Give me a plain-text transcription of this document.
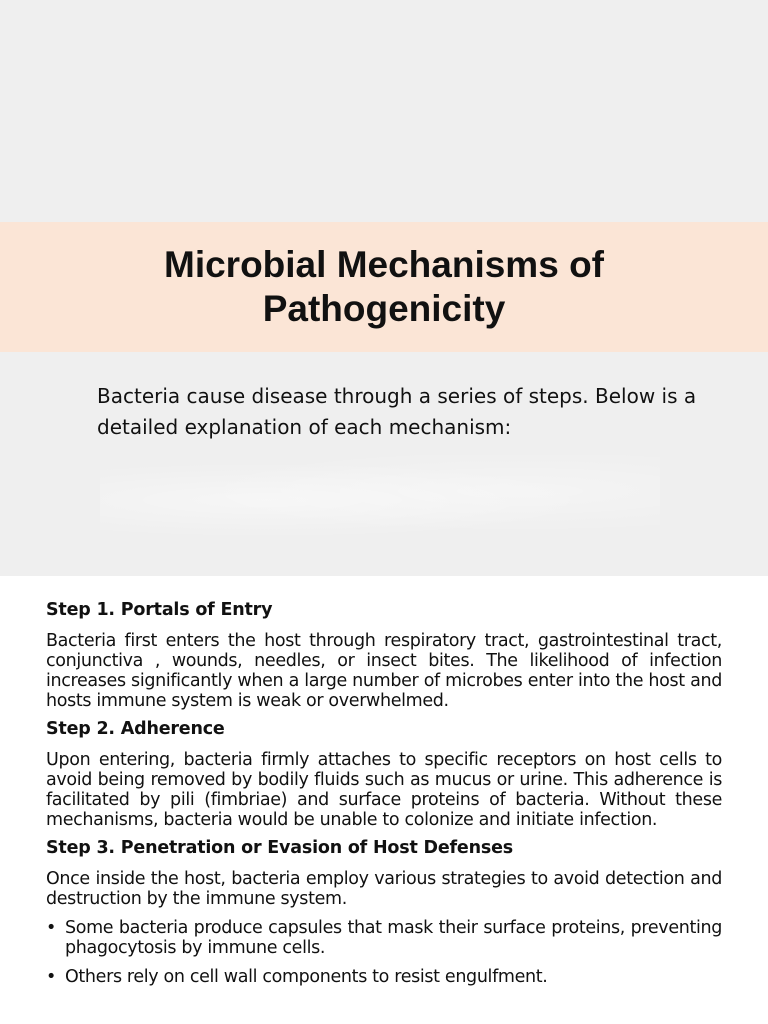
Microbial Mechanisms of
Pathogenicity

Bacteria cause disease through a series of steps. Below is a detailed explanation of each mechanism:

Step 1. Portals of Entry

Bacteria first enters the host through respiratory tract, gastrointestinal tract, conjunctiva , wounds, needles, or insect bites. The likelihood of infection increases significantly when a large number of microbes enter into the host and hosts immune system is weak or overwhelmed.

Step 2. Adherence

Upon entering, bacteria firmly attaches to specific receptors on host cells to avoid being removed by bodily fluids such as mucus or urine. This adherence is facilitated by pili (fimbriae) and surface proteins of bacteria. Without these mechanisms, bacteria would be unable to colonize and initiate infection.

Step 3. Penetration or Evasion of Host Defenses

Once inside the host, bacteria employ various strategies to avoid detection and destruction by the immune system.

• Some bacteria produce capsules that mask their surface proteins, preventing phagocytosis by immune cells.
• Others rely on cell wall components to resist engulfment.
